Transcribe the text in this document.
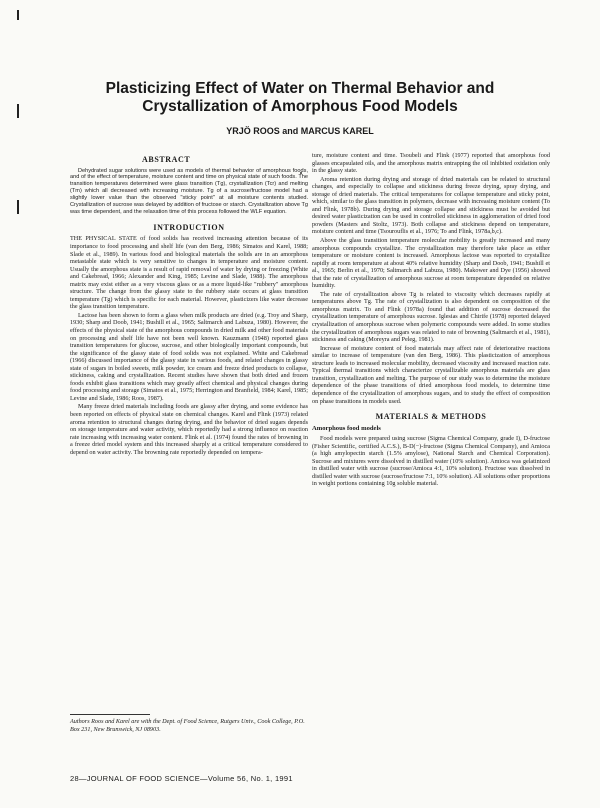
Plasticizing Effect of Water on Thermal Behavior and
Crystallization of Amorphous Food Models
YRJÖ ROOS and MARCUS KAREL
ABSTRACT

Dehydrated sugar solutions were used as models of thermal behavior of amorphous foods, and of the effect of temperature, moisture content and time on physical state of such foods. The transition temperatures determined were glass transition (Tg), crystallization (Tcr) and melting (Tm) which all decreased with increasing moisture. Tg of a sucrose/fructose model had a slightly lower value than the observed "sticky point" at all moisture contents studied. Crystallization of sucrose was delayed by addition of fructose or starch. Crystallization above Tg was time dependent, and the relaxation time of this process followed the WLF equation.

INTRODUCTION

THE PHYSICAL STATE of food solids has received increasing attention because of its importance to food processing and shelf life (van den Berg, 1986; Simatos and Karel, 1988; Slade et al., 1989). In various food and biological materials the solids are in an amorphous metastable state which is very sensitive to changes in temperature and moisture content. Usually the amorphous state is a result of rapid removal of water by drying or freezing (White and Cakebread, 1966; Alexander and King, 1985; Levine and Slade, 1988). The amorphous matrix may exist either as a very viscous glass or as a more liquid-like "rubbery" amorphous structure. The change from the glassy state to the rubbery state occurs at glass transition temperature (Tg) which is specific for each material. However, plasticizers like water decrease the glass transition temperature.

Lactose has been shown to form a glass when milk products are dried (e.g. Troy and Sharp, 1930; Sharp and Doob, 1941; Bushill et al., 1965; Saltmarch and Labuza, 1980). However, the effects of the physical state of the amorphous compounds in dried milk and other food materials on processing and shelf life have not been well known. Kauzmann (1948) reported glass transition temperatures for glucose, sucrose, and other biologically important compounds, but the significance of the glassy state of food solids was not explained. White and Cakebread (1966) discussed importance of the glassy state in various foods, and related changes in glassy state of sugars in boiled sweets, milk powder, ice cream and freeze dried products to collapse, stickiness, caking and crystallization. Recent studies have shown that both dried and frozen foods exhibit glass transitions which may greatly affect chemical and physical changes during food processing and storage (Simatos et al., 1975; Herrington and Branfield, 1984; Karel, 1985; Levine and Slade, 1986; Roos, 1987).

Many freeze dried materials including foods are glassy after drying, and some evidence has been reported on effects of physical state on chemical changes. Karel and Flink (1973) related aroma retention to structural changes during drying, and the behavior of dried sugars depends on storage temperature and water activity, which reportedly had a strong influence on reaction rate increasing with increasing water content. Flink et al. (1974) found the rates of browning in a freeze dried model system and this increased sharply at a critical temperature considered to depend on water activity. The browning rate reportedly depended on tempera-

Authors Roos and Karel are with the Dept. of Food Science, Rutgers Univ., Cook College, P.O. Box 231, New Brunswick, NJ 08903.

ture, moisture content and time. Tsoubeli and Flink (1977) reported that amorphous food glasses encapsulated oils, and the amorphous matrix entrapping the oil inhibited oxidation only in the glassy state.

Aroma retention during drying and storage of dried materials can be related to structural changes, and especially to collapse and stickiness during freeze drying, spray drying, and storage of dried materials. The critical temperatures for collapse temperature and sticky point, which, similar to the glass transition in polymers, decrease with increasing moisture content (To and Flink, 1978b). During drying and storage collapse and stickiness must be avoided but desired water plasticization can be used in controlled stickiness in agglomeration of dried food powders (Masters and Stoltz, 1973). Both collapse and stickiness depend on temperature, moisture content and time (Tsourouflis et al., 1976; To and Flink, 1978a,b,c).

Above the glass transition temperature molecular mobility is greatly increased and many amorphous compounds crystallize. The crystallization may therefore take place as either temperature or moisture content is increased. Amorphous lactose was reported to crystallize rapidly at room temperature at about 40% relative humidity (Sharp and Doob, 1941; Bushill et al., 1965; Berlin et al., 1970; Saltmarch and Labuza, 1980). Makower and Dye (1956) showed that the rate of crystallization of amorphous sucrose at room temperature depended on relative humidity.

The rate of crystallization above Tg is related to viscosity which decreases rapidly at temperatures above Tg. The rate of crystallization is also dependent on composition of the amorphous matrix. To and Flink (1978a) found that addition of sucrose decreased the crystallization temperature of amorphous sucrose. Iglesias and Chirife (1978) reported delayed crystallization of amorphous sucrose when polymeric compounds were added. In some studies the crystallization of amorphous sugars was related to rate of browning (Saltmarch et al., 1981), stickiness and caking (Moreyra and Peleg, 1981).

Increase of moisture content of food materials may affect rate of deteriorative reactions similar to increase of temperature (van den Berg, 1986). This plasticization of amorphous structure leads to increased molecular mobility, decreased viscosity and increased reaction rate. Typical thermal transitions which characterize crystallizable amorphous materials are glass transition, crystallization and melting. The purpose of our study was to determine the moisture dependence of the phase transitions of dried amorphous food models, to determine time dependence of the crystallization of amorphous sugars, and to study the effect of composition on phase transitions in models used.

MATERIALS & METHODS
Amorphous food models

Food models were prepared using sucrose (Sigma Chemical Company, grade I), D-fructose (Fisher Scientific, certified A.C.S.), B-D(−)-fructose (Sigma Chemical Company), and Amioca (a high amylopectin starch (1.5% amylose), National Starch and Chemical Corporation). Sucrose and mixtures were dissolved in distilled water (10% solution). Amioca was gelatinized in distilled water with sucrose (sucrose/Amioca 4:1, 10% solution). Fructose was dissolved in distilled water with sucrose (sucrose/fructose 7:1, 10% solution). All solutions other proportions in weight portions containing 10g soluble material.

28—JOURNAL OF FOOD SCIENCE—Volume 56, No. 1, 1991
